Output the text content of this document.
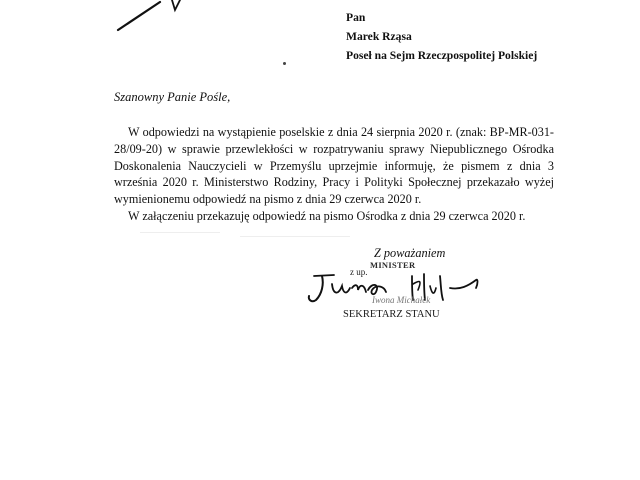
Pan
Marek Rząsa
Poseł na Sejm Rzeczpospolitej Polskiej
Szanowny Panie Pośle,

W odpowiedzi na wystąpienie poselskie z dnia 24 sierpnia 2020 r. (znak: BP-MR-031-28/09-20) w sprawie przewlekłości w rozpatrywaniu sprawy Niepublicznego Ośrodka Doskonalenia Nauczycieli w Przemyślu uprzejmie informuję, że pismem z dnia 3 września 2020 r. Ministerstwo Rodziny, Pracy i Polityki Społecznej przekazało wyżej wymienionemu odpowiedź na pismo z dnia 29 czerwca 2020 r.

W załączeniu przekazuję odpowiedź na pismo Ośrodka z dnia 29 czerwca 2020 r.

Z poważaniem
MINISTER
z up.
Iwona Michałek
SEKRETARZ STANU
